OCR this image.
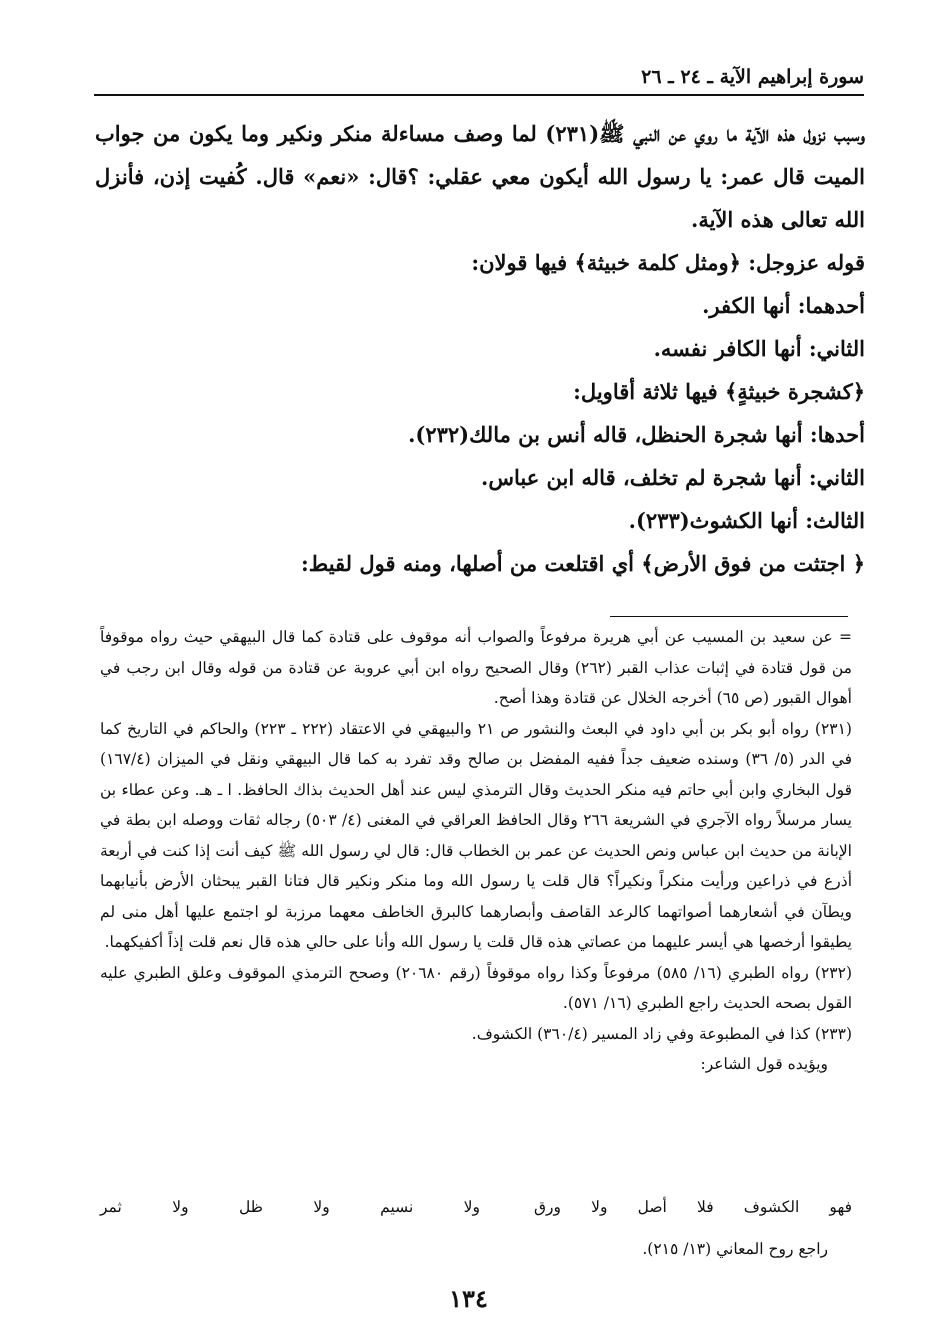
سورة إبراهيم الآية ـ ٢٤ ـ ٢٦

وسبب نزول هذه الآية ما روي عن النبي ﷺ(٢٣١) لما وصف مساءلة منكر ونكير وما يكون من جواب الميت قال عمر: يا رسول الله أيكون معي عقلي: ؟قال: «نعم» قال. كُفيت إذن، فأنزل الله تعالى هذه الآية.

قوله عزوجل: ﴿ومثل كلمة خبيثة﴾ فيها قولان:

أحدهما: أنها الكفر.

الثاني: أنها الكافر نفسه.

﴿كشجرة خبيثةٍ﴾ فيها ثلاثة أقاويل:

أحدها: أنها شجرة الحنظل، قاله أنس بن مالك(٢٣٢).

الثاني: أنها شجرة لم تخلف، قاله ابن عباس.

الثالث: أنها الكشوث(٢٣٣).

﴿ اجتثت من فوق الأرض﴾ أي اقتلعت من أصلها، ومنه قول لقيط:

= عن سعيد بن المسيب عن أبي هريرة مرفوعاً والصواب أنه موقوف على قتادة كما قال البيهقي حيث رواه موقوفاً من قول قتادة في إثبات عذاب القبر (٢٦٢) وقال الصحيح رواه ابن أبي عروبة عن قتادة من قوله وقال ابن رجب في أهوال القبور (ص ٦٥) أخرجه الخلال عن قتادة وهذا أصح.

(٢٣١) رواه أبو بكر بن أبي داود في البعث والنشور ص ٢١ والبيهقي في الاعتقاد (٢٢٢ ـ ٢٢٣) والحاكم في التاريخ كما في الدر (٥/ ٣٦) وسنده ضعيف جداً ففيه المفضل بن صالح وقد تفرد به كما قال البيهقي ونقل في الميزان (١٦٧/٤) قول البخاري وابن أبي حاتم فيه منكر الحديث وقال الترمذي ليس عند أهل الحديث بذاك الحافظ. ا ـ هـ. وعن عطاء بن يسار مرسلاً رواه الآجري في الشريعة ٢٦٦ وقال الحافظ العراقي في المغنى (٤/ ٥٠٣) رجاله ثقات ووصله ابن بطة في الإبانة من حديث ابن عباس ونص الحديث عن عمر بن الخطاب قال: قال لي رسول الله ﷺ كيف أنت إذا كنت في أربعة أذرع في ذراعين ورأيت منكراً ونكيراً؟ قال قلت يا رسول الله وما منكر ونكير قال فتانا القبر يبحثان الأرض بأنيابهما ويطآن في أشعارهما أصواتهما كالرعد القاصف وأبصارهما كالبرق الخاطف معهما مرزبة لو اجتمع عليها أهل منى لم يطيقوا أرخصها هي أيسر عليهما من عصاتي هذه قال قلت يا رسول الله وأنا على حالي هذه قال نعم قلت إذاً أكفيكهما.

(٢٣٢) رواه الطبري (١٦/ ٥٨٥) مرفوعاً وكذا رواه موقوفاً (رقم ٢٠٦٨٠) وصحح الترمذي الموقوف وعلق الطبري عليه القول بصحه الحديث راجع الطبري (١٦/ ٥٧١).

(٢٣٣) كذا في المطبوعة وفي زاد المسير (٣٦٠/٤) الكشوف.

ويؤيده قول الشاعر:

فهو الكشوف فلا أصل ولا ورق
ولا نسيم ولا ظل ولا ثمر
راجع روح المعاني (١٣/ ٢١٥).
١٣٤
